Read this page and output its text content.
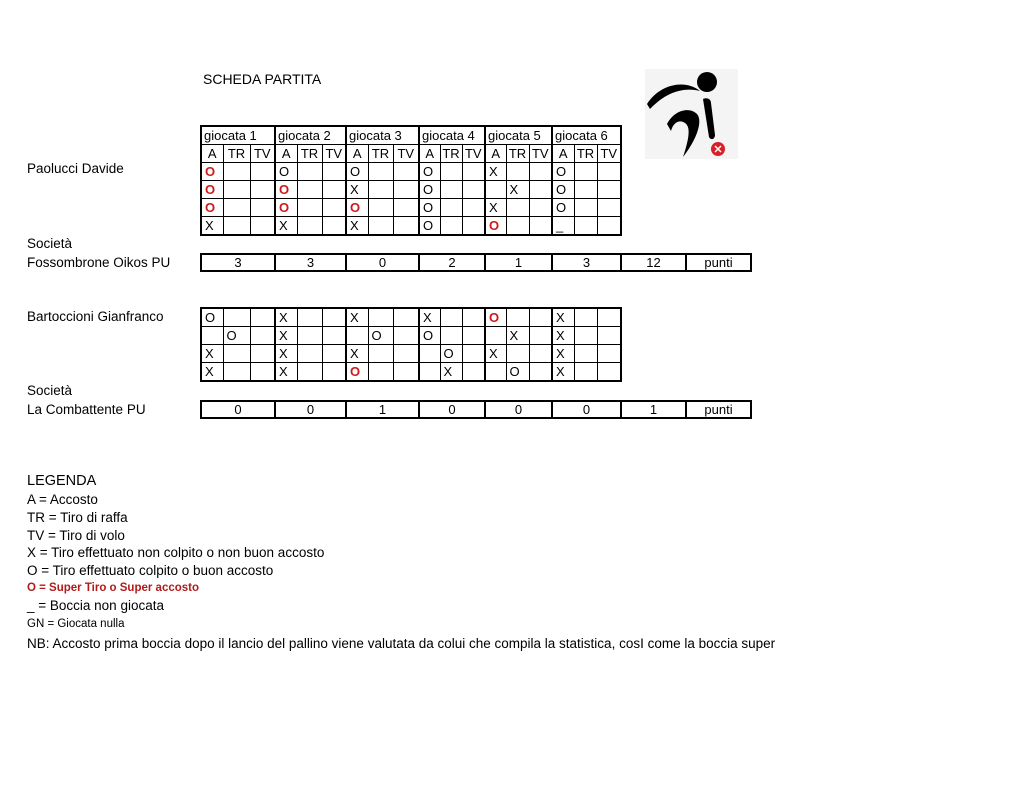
SCHEDA PARTITA
Paolucci Davide
Società
Fossombrone Oikos PU
giocata 1			giocata 2			giocata 3			giocata 4			giocata 5			giocata 6		
A	TR	TV	A	TR	TV	A	TR	TV	A	TR	TV	A	TR	TV	A	TR	TV
O			O			O			O			X			O		
O			O			X			O				X		O		
O			O			O			O			X			O		
X			X			X			O			O			_		
3	3	0	2	1	3	12	punti
Bartoccioni Gianfranco
Società
La Combattente PU
O			X			X			X			O			X		
	O		X				O		O				X		X		
X			X			X				O		X			X		
X			X			O				X			O		X		
0	0	1	0	0	0	1	punti
LEGENDA
A = Accosto
TR = Tiro di raffa
TV = Tiro di volo
X = Tiro effettuato non colpito o non buon accosto
O = Tiro effettuato colpito o buon accosto
O = Super Tiro o Super accosto
_ = Boccia non giocata
GN = Giocata nulla
NB: Accosto prima boccia dopo il lancio del pallino viene valutata da colui che compila la statistica, cosI come la boccia super
